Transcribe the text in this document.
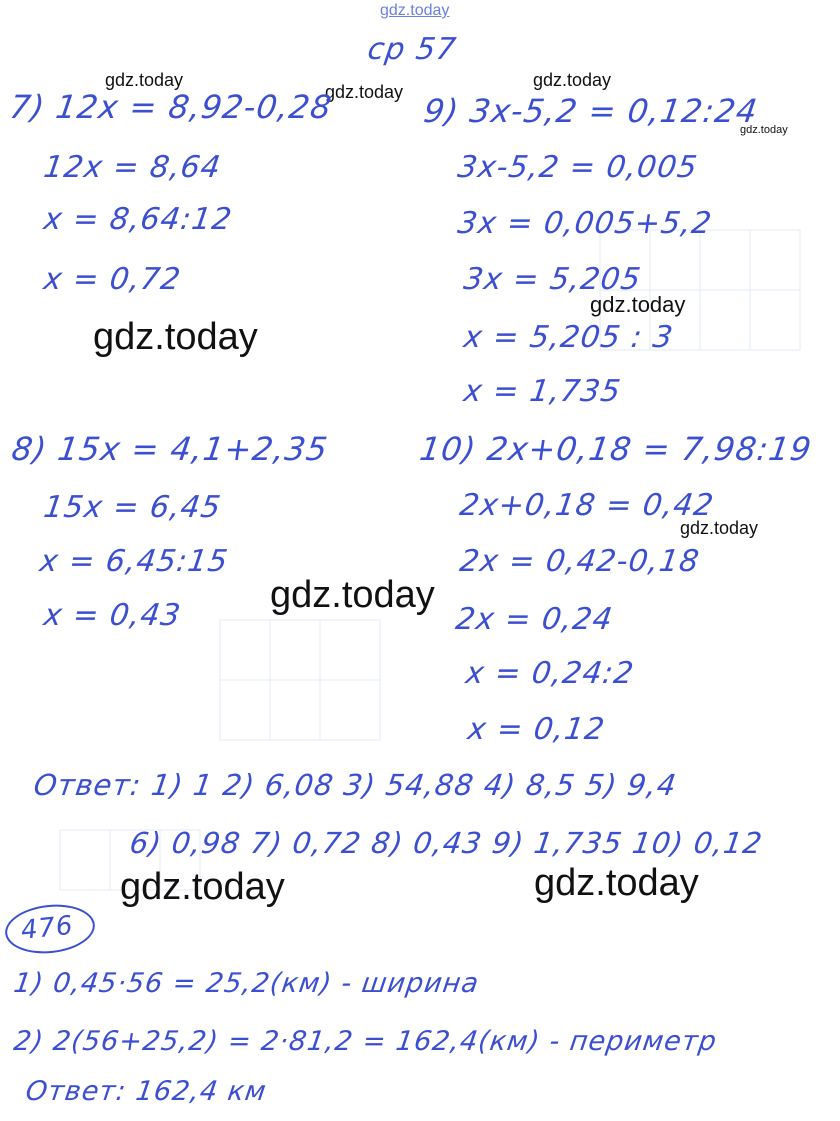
gdz.today
ср 57
gdz.today
gdz.today
gdz.today
gdz.today
gdz.today
gdz.today
gdz.today
gdz.today
gdz.today	gdz.today
7) 12x = 8,92-0,28
12x = 8,64
x = 8,64:12
x = 0,72
9) 3x-5,2 = 0,12:24
3x-5,2 = 0,005
3x = 0,005+5,2
3x = 5,205
x = 5,205 : 3
x = 1,735
8) 15x = 4,1+2,35
15x = 6,45
x = 6,45:15
x = 0,43
10) 2x+0,18 = 7,98:19
2x+0,18 = 0,42
2x = 0,42-0,18
2x = 0,24
x = 0,24:2
x = 0,12
Ответ: 1) 1 2) 6,08 3) 54,88 4) 8,5 5) 9,4
6) 0,98 7) 0,72 8) 0,43 9) 1,735 10) 0,12
476
1) 0,45·56 = 25,2(км) - ширина
2) 2(56+25,2) = 2·81,2 = 162,4(км) - периметр
Ответ: 162,4 км
